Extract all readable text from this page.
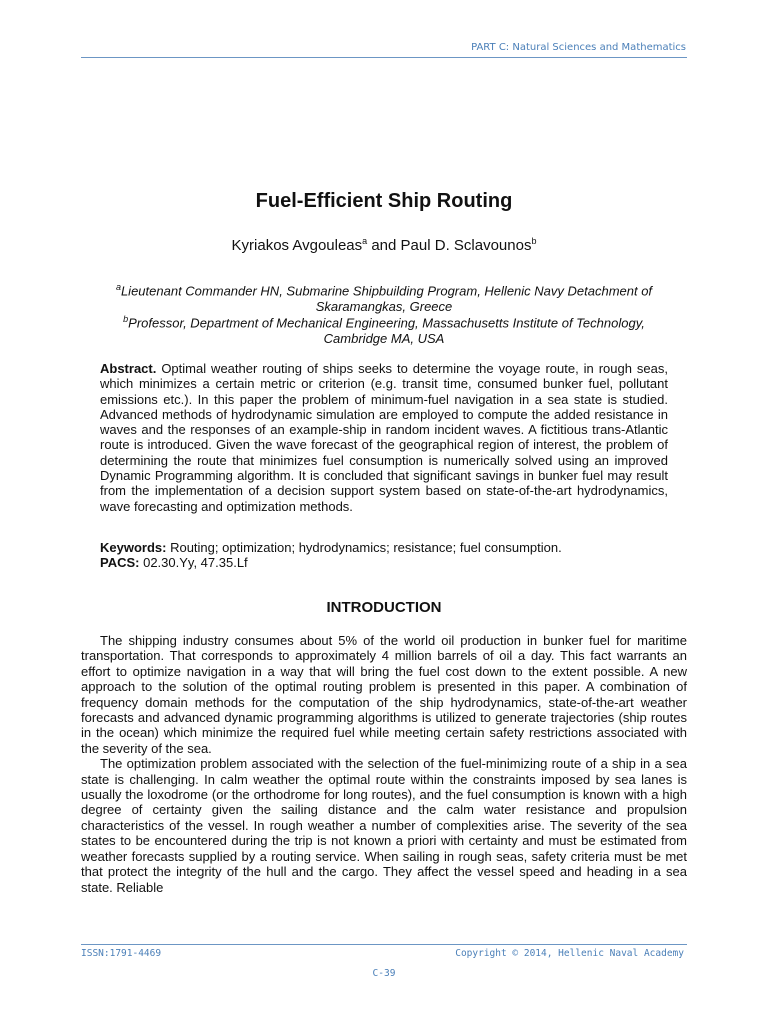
PART C: Natural Sciences and Mathematics
Fuel-Efficient Ship Routing
Kyriakos Avgouleas$^a$ and Paul D. Sclavounos$^b$
$^a$Lieutenant Commander HN, Submarine Shipbuilding Program, Hellenic Navy Detachment of
Skaramangkas, Greece
$^b$Professor, Department of Mechanical Engineering, Massachusetts Institute of Technology,
Cambridge MA, USA
Abstract. Optimal weather routing of ships seeks to determine the voyage route, in rough seas, which minimizes a certain metric or criterion (e.g. transit time, consumed bunker fuel, pollutant emissions etc.). In this paper the problem of minimum-fuel navigation in a sea state is studied. Advanced methods of hydrodynamic simulation are employed to compute the added resistance in waves and the responses of an example-ship in random incident waves. A fictitious trans-Atlantic route is introduced. Given the wave forecast of the geographical region of interest, the problem of determining the route that minimizes fuel consumption is numerically solved using an improved Dynamic Programming algorithm. It is concluded that significant savings in bunker fuel may result from the implementation of a decision support system based on state-of-the-art hydrodynamics, wave forecasting and optimization methods.
Keywords: Routing; optimization; hydrodynamics; resistance; fuel consumption.
PACS: 02.30.Yy, 47.35.Lf
INTRODUCTION

The shipping industry consumes about 5% of the world oil production in bunker fuel for maritime transportation. That corresponds to approximately 4 million barrels of oil a day. This fact warrants an effort to optimize navigation in a way that will bring the fuel cost down to the extent possible. A new approach to the solution of the optimal routing problem is presented in this paper. A combination of frequency domain methods for the computation of the ship hydrodynamics, state-of-the-art weather forecasts and advanced dynamic programming algorithms is utilized to generate trajectories (ship routes in the ocean) which minimize the required fuel while meeting certain safety restrictions associated with the severity of the sea.

The optimization problem associated with the selection of the fuel-minimizing route of a ship in a sea state is challenging. In calm weather the optimal route within the constraints imposed by sea lanes is usually the loxodrome (or the orthodrome for long routes), and the fuel consumption is known with a high degree of certainty given the sailing distance and the calm water resistance and propulsion characteristics of the vessel. In rough weather a number of complexities arise. The severity of the sea states to be encountered during the trip is not known a priori with certainty and must be estimated from weather forecasts supplied by a routing service. When sailing in rough seas, safety criteria must be met that protect the integrity of the hull and the cargo. They affect the vessel speed and heading in a sea state. Reliable

ISSN:1791-4469	Copyright © 2014, Hellenic Naval Academy
C-39
